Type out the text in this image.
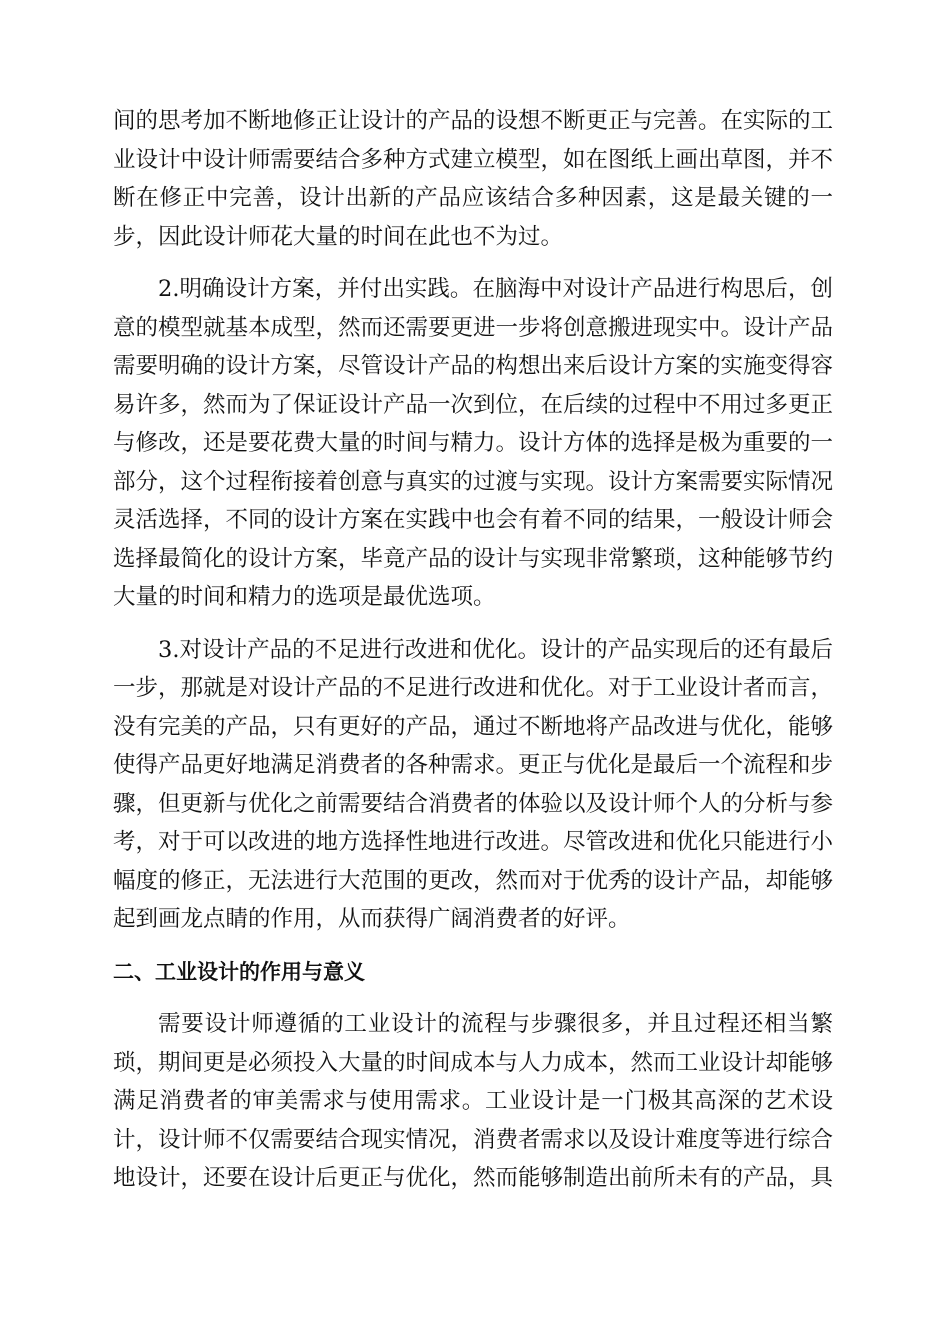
间的思考加不断地修正让设计的产品的设想不断更正与完善。在实际的工业设计中设计师需要结合多种方式建立模型，如在图纸上画出草图，并不断在修正中完善，设计出新的产品应该结合多种因素，这是最关键的一步，因此设计师花大量的时间在此也不为过。

2.明确设计方案，并付出实践。在脑海中对设计产品进行构思后，创意的模型就基本成型，然而还需要更进一步将创意搬进现实中。设计产品需要明确的设计方案，尽管设计产品的构想出来后设计方案的实施变得容易许多，然而为了保证设计产品一次到位，在后续的过程中不用过多更正与修改，还是要花费大量的时间与精力。设计方体的选择是极为重要的一部分，这个过程衔接着创意与真实的过渡与实现。设计方案需要实际情况灵活选择，不同的设计方案在实践中也会有着不同的结果，一般设计师会选择最简化的设计方案，毕竟产品的设计与实现非常繁琐，这种能够节约大量的时间和精力的选项是最优选项。

3.对设计产品的不足进行改进和优化。设计的产品实现后的还有最后一步，那就是对设计产品的不足进行改进和优化。对于工业设计者而言，没有完美的产品，只有更好的产品，通过不断地将产品改进与优化，能够使得产品更好地满足消费者的各种需求。更正与优化是最后一个流程和步骤，但更新与优化之前需要结合消费者的体验以及设计师个人的分析与参考，对于可以改进的地方选择性地进行改进。尽管改进和优化只能进行小幅度的修正，无法进行大范围的更改，然而对于优秀的设计产品，却能够起到画龙点睛的作用，从而获得广阔消费者的好评。

二、工业设计的作用与意义

需要设计师遵循的工业设计的流程与步骤很多，并且过程还相当繁琐，期间更是必须投入大量的时间成本与人力成本，然而工业设计却能够满足消费者的审美需求与使用需求。工业设计是一门极其高深的艺术设计，设计师不仅需要结合现实情况，消费者需求以及设计难度等进行综合地设计，还要在设计后更正与优化，然而能够制造出前所未有的产品，具
